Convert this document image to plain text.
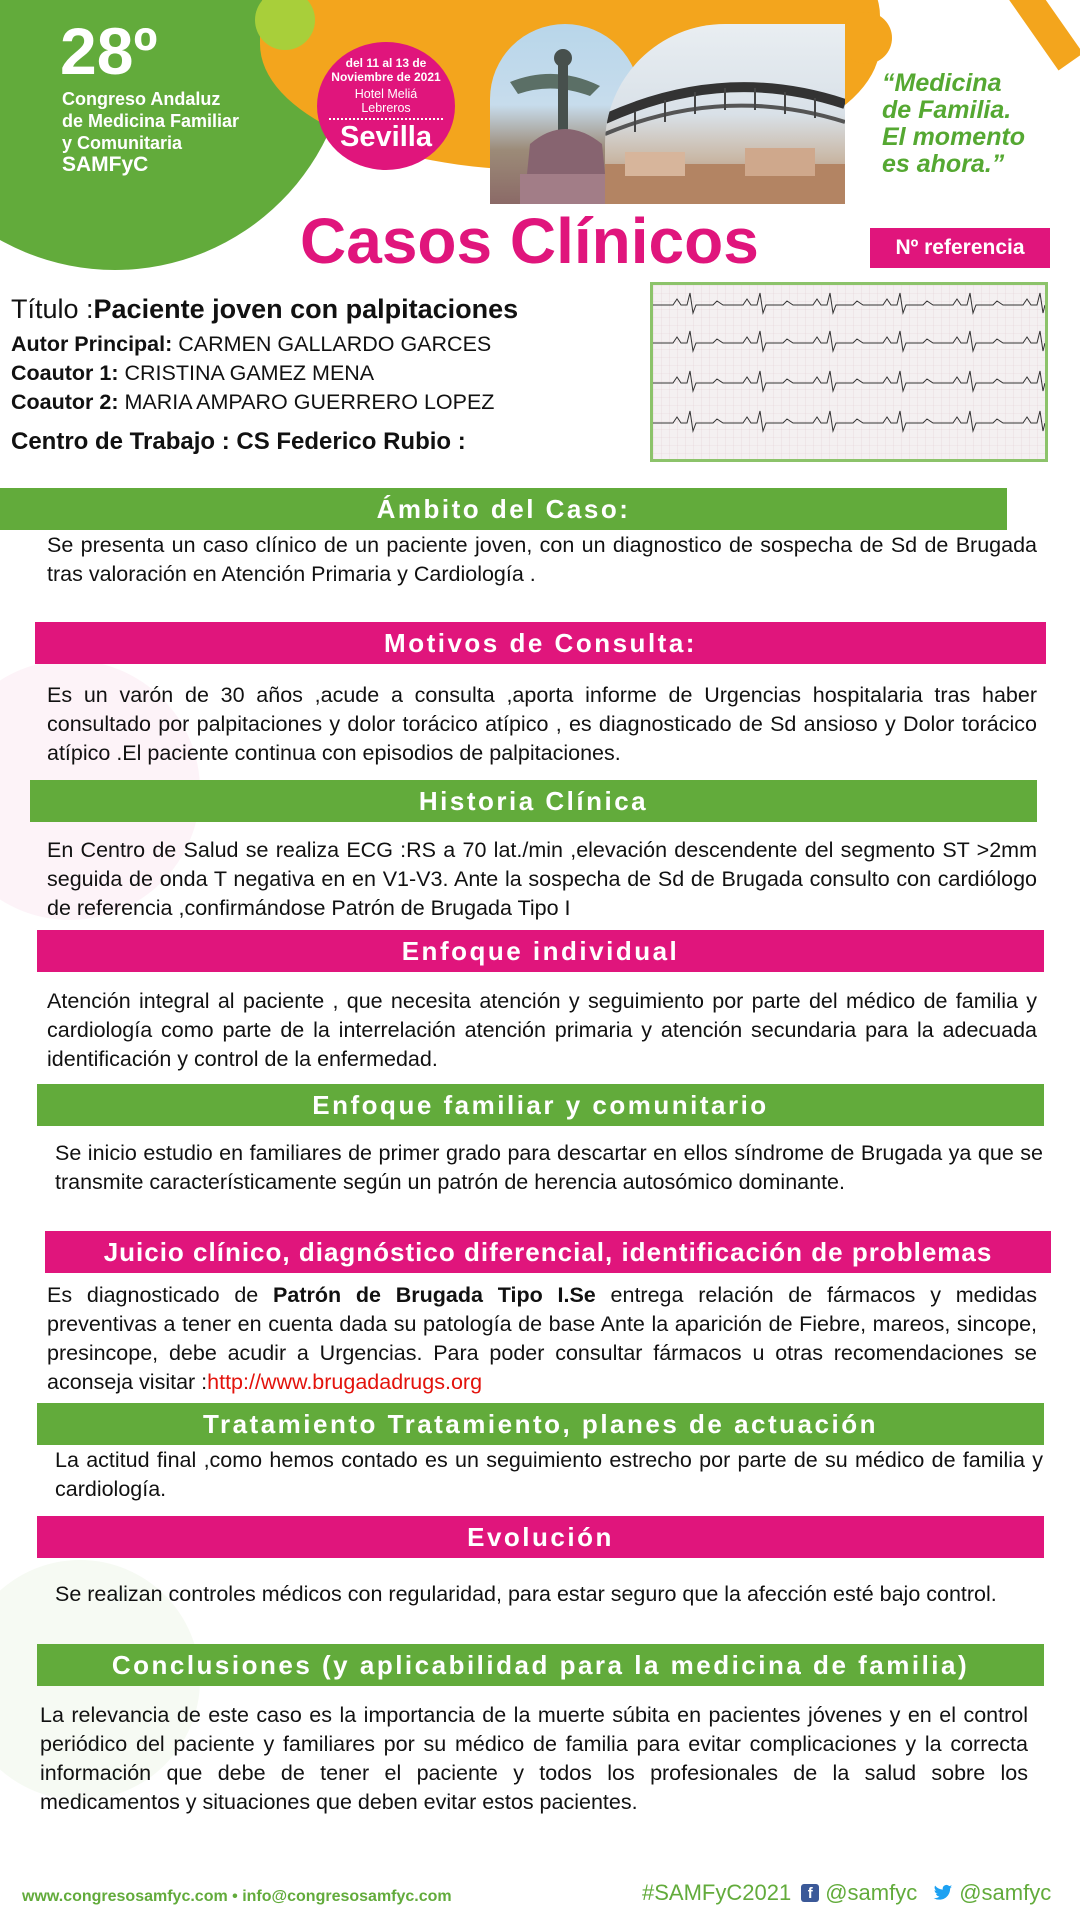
28º
Congreso Andaluz
de Medicina Familiar
y Comunitaria
SAMFyC
del 11 al 13 de
Noviembre de 2021
Hotel Meliá Lebreros
Sevilla
“Medicina de Familia. El momento es ahora.”
Casos Clínicos	Nº referencia
Título :Paciente joven con palpitaciones
Autor Principal: CARMEN GALLARDO GARCES
Coautor 1: CRISTINA GAMEZ MENA
Coautor 2: MARIA AMPARO GUERRERO LOPEZ
Centro de Trabajo : CS Federico Rubio :
Ámbito del Caso:
Se presenta un caso clínico de un paciente joven, con un diagnostico de sospecha de Sd de Brugada tras valoración en Atención Primaria y Cardiología .
Motivos de Consulta:
Es un varón de 30 años ,acude a consulta ,aporta informe de Urgencias hospitalaria tras haber consultado por palpitaciones y dolor torácico atípico , es diagnosticado de Sd ansioso y Dolor torácico atípico .El paciente continua con episodios de palpitaciones.
Historia Clínica
En Centro de Salud se realiza ECG :RS a 70 lat./min ,elevación descendente del segmento ST >2mm seguida de onda T negativa en en V1-V3. Ante la sospecha de Sd de Brugada consulto con cardiólogo de referencia ,confirmándose Patrón de Brugada Tipo I
Enfoque individual
Atención integral al paciente , que necesita atención y seguimiento por parte del médico de familia y cardiología como parte de la interrelación atención primaria y atención secundaria para la adecuada identificación y control de la enfermedad.
Enfoque familiar y comunitario
Se inicio estudio en familiares de primer grado para descartar en ellos síndrome de Brugada ya que se transmite característicamente según un patrón de herencia autosómico dominante.
Juicio clínico, diagnóstico diferencial, identificación de problemas
Es diagnosticado de Patrón de Brugada Tipo I.Se entrega relación de fármacos y medidas preventivas a tener en cuenta dada su patología de base Ante la aparición de Fiebre, mareos, sincope, presincope, debe acudir a Urgencias. Para poder consultar fármacos u otras recomendaciones se aconseja visitar :http://www.brugadadrugs.org
Tratamiento Tratamiento, planes de actuación
La actitud final ,como hemos contado es un seguimiento estrecho por parte de su médico de familia y cardiología.
Evolución
Se realizan controles médicos con regularidad, para estar seguro que la afección esté bajo control.
Conclusiones (y aplicabilidad para la medicina de familia)
La relevancia de este caso es la importancia de la muerte súbita en pacientes jóvenes y en el control periódico del paciente y familiares por su médico de familia para evitar complicaciones y la correcta información que debe de tener el paciente y todos los profesionales de la salud sobre los medicamentos y situaciones que deben evitar estos pacientes.
www.congresosamfyc.com • info@congresosamfyc.com	#SAMFyC2021	f @samfyc @samfyc
